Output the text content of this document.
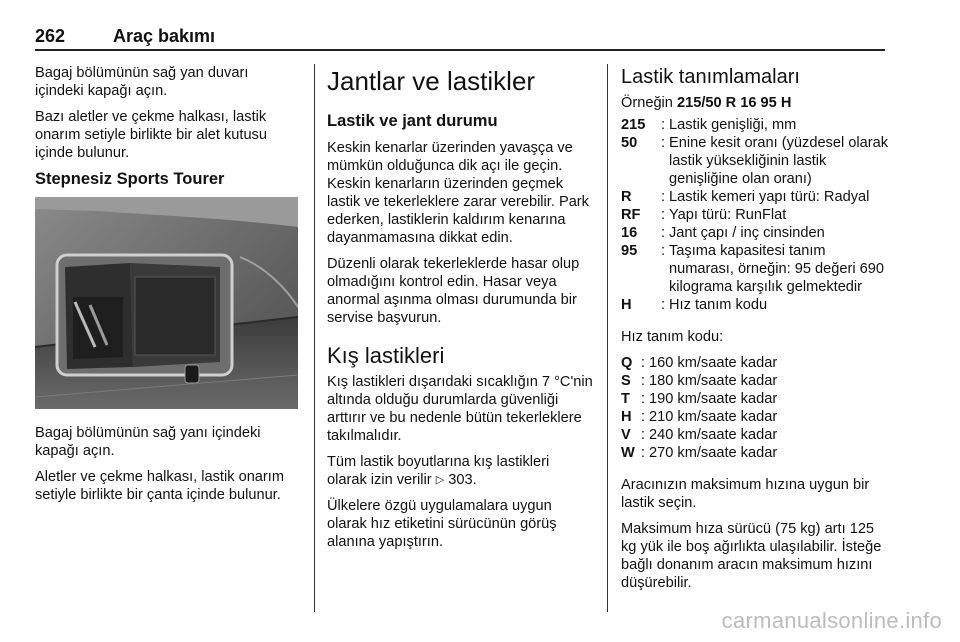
262	Araç bakımı

Bagaj bölümünün sağ yan duvarı içindeki kapağı açın.

Bazı aletler ve çekme halkası, lastik onarım setiyle birlikte bir alet kutusu içinde bulunur.

Stepnesiz Sports Tourer

Bagaj bölümünün sağ yanı içindeki kapağı açın.

Aletler ve çekme halkası, lastik onarım setiyle birlikte bir çanta içinde bulunur.

Jantlar ve lastikler
Lastik ve jant durumu

Keskin kenarlar üzerinden yavaşça ve mümkün olduğunca dik açı ile geçin. Keskin kenarların üzerinden geçmek lastik ve tekerleklere zarar verebilir. Park ederken, lastiklerin kaldırım kenarına dayanmamasına dikkat edin.

Düzenli olarak tekerleklerde hasar olup olmadığını kontrol edin. Hasar veya anormal aşınma olması durumunda bir servise başvurun.

Kış lastikleri

Kış lastikleri dışarıdaki sıcaklığın 7 °C'nin altında olduğu durumlarda güvenliği arttırır ve bu nedenle bütün tekerleklere takılmalıdır.

Tüm lastik boyutlarına kış lastikleri olarak izin verilir ▷ 303.

Ülkelere özgü uygulamalara uygun olarak hız etiketini sürücünün görüş alanına yapıştırın.

Lastik tanımlamaları

Örneğin 215/50 R 16 95 H

215	: Lastik genişliği, mm
50	: Enine kesit oranı (yüzdesel olarak lastik yüksekliğinin lastik genişliğine olan oranı)
R	: Lastik kemeri yapı türü: Radyal
RF	: Yapı türü: RunFlat
16	: Jant çapı / inç cinsinden
95	: Taşıma kapasitesi tanım numarası, örneğin: 95 değeri 690 kilograma karşılık gelmektedir
H	: Hız tanım kodu

Hız tanım kodu:

Q : 160 km/saate kadar
S : 180 km/saate kadar
T : 190 km/saate kadar
H : 210 km/saate kadar
V : 240 km/saate kadar
W : 270 km/saate kadar

Aracınızın maksimum hızına uygun bir lastik seçin.

Maksimum hıza sürücü (75 kg) artı 125 kg yük ile boş ağırlıkta ulaşılabilir. İsteğe bağlı donanım aracın maksimum hızını düşürebilir.

carmanualsonline.info
